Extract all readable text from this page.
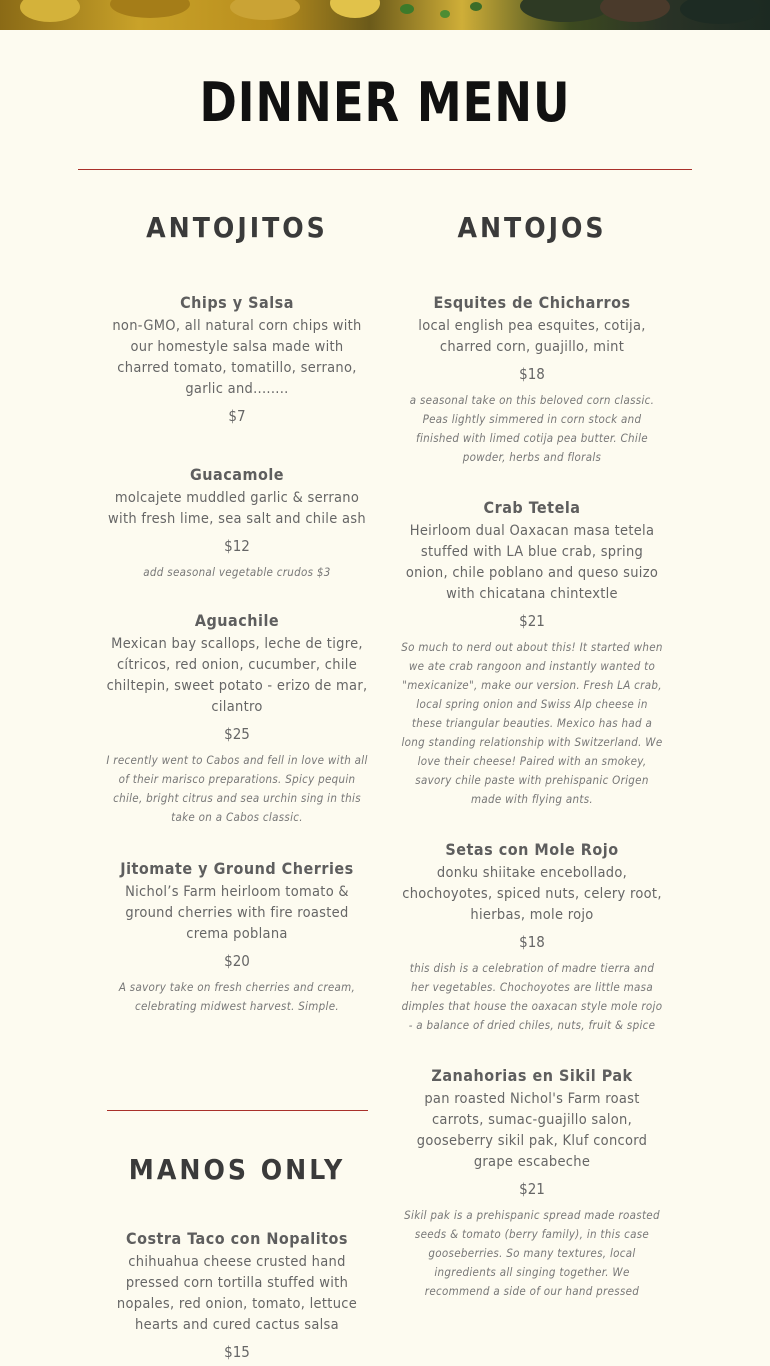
DINNER MENU
ANTOJITOS

Chips y Salsa

non-GMO, all natural corn chips with our homestyle salsa made with charred tomato, tomatillo, serrano, garlic and........

$7

Guacamole

molcajete muddled garlic & serrano with fresh lime, sea salt and chile ash

$12

add seasonal vegetable crudos $3

Aguachile

Mexican bay scallops, leche de tigre, cítricos, red onion, cucumber, chile chiltepin, sweet potato - erizo de mar, cilantro

$25

I recently went to Cabos and fell in love with all of their marisco preparations. Spicy pequin chile, bright citrus and sea urchin sing in this take on a Cabos classic.

Jitomate y Ground Cherries

Nichol’s Farm heirloom tomato & ground cherries with fire roasted crema poblana

$20

A savory take on fresh cherries and cream, celebrating midwest harvest. Simple.

ANTOJOS

Esquites de Chicharros

local english pea esquites, cotija, charred corn, guajillo, mint

$18

a seasonal take on this beloved corn classic. Peas lightly simmered in corn stock and finished with limed cotija pea butter. Chile powder, herbs and florals

Crab Tetela

Heirloom dual Oaxacan masa tetela stuffed with LA blue crab, spring onion, chile poblano and queso suizo with chicatana chintextle

$21

So much to nerd out about this! It started when we ate crab rangoon and instantly wanted to "mexicanize", make our version. Fresh LA crab, local spring onion and Swiss Alp cheese in these triangular beauties. Mexico has had a long standing relationship with Switzerland. We love their cheese! Paired with an smokey, savory chile paste with prehispanic Origen made with flying ants.

Setas con Mole Rojo

donku shiitake encebollado, chochoyotes, spiced nuts, celery root, hierbas, mole rojo

$18

this dish is a celebration of madre tierra and her vegetables. Chochoyotes are little masa dimples that house the oaxacan style mole rojo - a balance of dried chiles, nuts, fruit & spice

Zanahorias en Sikil Pak

pan roasted Nichol's Farm roast carrots, sumac-guajillo salon, gooseberry sikil pak, Kluf concord grape escabeche

$21

Sikil pak is a prehispanic spread made roasted seeds & tomato (berry family), in this case gooseberries. So many textures, local ingredients all singing together. We recommend a side of our hand pressed

MANOS ONLY

Costra Taco con Nopalitos

chihuahua cheese crusted hand pressed corn tortilla stuffed with nopales, red onion, tomato, lettuce hearts and cured cactus salsa

$15
